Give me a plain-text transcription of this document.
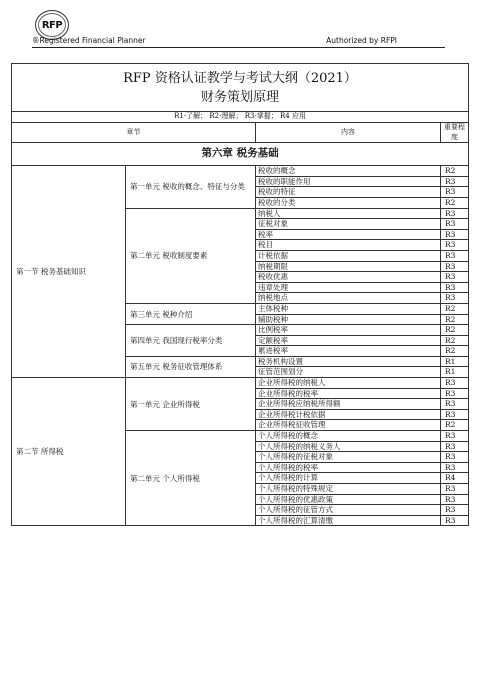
RFP
®Registered Financial Planner	Authorized by RFPI
RFP 资格认证教学与考试大纲（2021）
财务策划原理			

R1-了解； R2-理解； R3-掌握； R4 应用			
章节		内容	重要程度
第六章 税务基础			
第一节 税务基础知识	第一单元 税收的概念、特征与分类	税收的概念	R2
		税收的职能作用	R3
		税收的特征	R3
		税收的分类	R2
	第二单元 税收制度要素	纳税人	R3
		征税对象	R3
		税率	R3
		税目	R3
		计税依据	R3
		纳税期限	R3
		税收优惠	R3
		违章处理	R3
		纳税地点	R3
	第三单元 税种介绍	主体税种	R2
		辅助税种	R2
	第四单元 我国现行税率分类	比例税率	R2
		定额税率	R2
		累进税率	R2
	第五单元 税务征收管理体系	税务机构设置	R1
		征管范围划分	R1
第二节 所得税	第一单元 企业所得税	企业所得税的纳税人	R3
		企业所得税的税率	R3
		企业所得税应纳税所得额	R3
		企业所得税计税依据	R3
		企业所得税征收管理	R2
	第二单元 个人所得税	个人所得税的概念	R3
		个人所得税的纳税义务人	R3
		个人所得税的征税对象	R3
		个人所得税的税率	R3
		个人所得税的计算	R4
		个人所得税的特殊规定	R3
		个人所得税的优惠政策	R3
		个人所得税的征管方式	R3
		个人所得税的汇算清缴	R3
